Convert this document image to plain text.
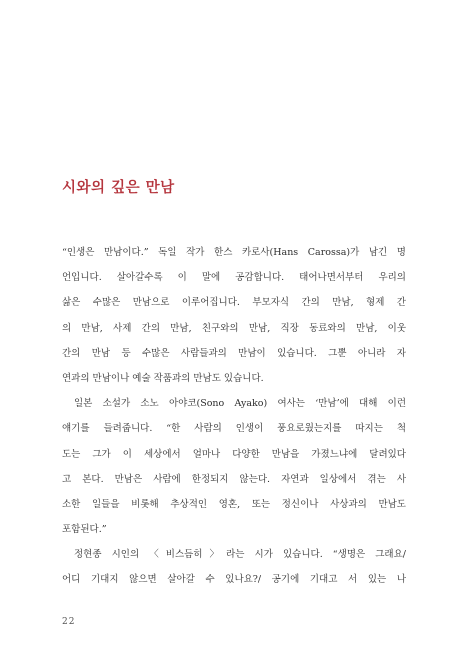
시와의 깊은 만남
“인생은 만남이다.” 독일 작가 한스 카로사(Hans Carossa)가 남긴 명
언입니다. 살아갈수록 이 말에 공감합니다. 태어나면서부터 우리의
삶은 수많은 만남으로 이루어집니다. 부모자식 간의 만남, 형제 간
의 만남, 사제 간의 만남, 친구와의 만남, 직장 동료와의 만남, 이웃
간의 만남 등 수많은 사람들과의 만남이 있습니다. 그뿐 아니라 자
연과의 만남이나 예술 작품과의 만남도 있습니다.
일본 소설가 소노 아야코(Sono Ayako) 여사는 ‘만남’에 대해 이런
얘기를 들려줍니다. “한 사람의 인생이 풍요로웠는지를 따지는 척
도는 그가 이 세상에서 얼마나 다양한 만남을 가졌느냐에 달려있다
고 본다. 만남은 사람에 한정되지 않는다. 자연과 일상에서 겪는 사
소한 일들을 비롯해 추상적인 영혼, 또는 정신이나 사상과의 만남도
포함된다.”
정현종 시인의 〈비스듬히〉라는 시가 있습니다. “생명은 그래요/
어디 기대지 않으면 살아갈 수 있나요?/ 공기에 기대고 서 있는 나
22
